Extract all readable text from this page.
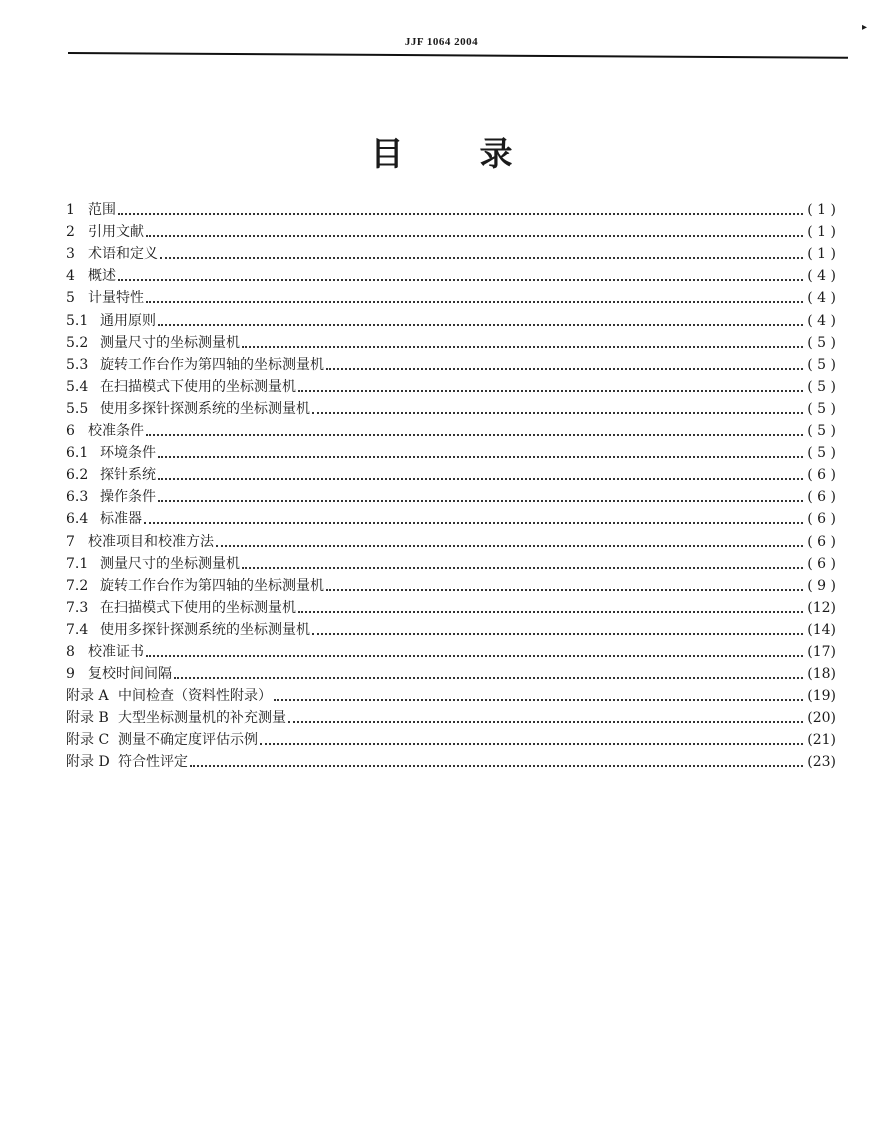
JJF 1064 2004
▸
目 录
1 范围	( 1 )
2 引用文献	( 1 )
3 术语和定义	( 1 )
4 概述	( 4 )
5 计量特性	( 4 )
5.1 通用原则	( 4 )
5.2 测量尺寸的坐标测量机	( 5 )
5.3 旋转工作台作为第四轴的坐标测量机	( 5 )
5.4 在扫描模式下使用的坐标测量机	( 5 )
5.5 使用多探针探测系统的坐标测量机	( 5 )
6 校准条件	( 5 )
6.1 环境条件	( 5 )
6.2 探针系统	( 6 )
6.3 操作条件	( 6 )
6.4 标准器	( 6 )
7 校准项目和校准方法	( 6 )
7.1 测量尺寸的坐标测量机	( 6 )
7.2 旋转工作台作为第四轴的坐标测量机	( 9 )
7.3 在扫描模式下使用的坐标测量机	(12)
7.4 使用多探针探测系统的坐标测量机	(14)
8 校准证书	(17)
9 复校时间间隔	(18)
附录 A 中间检查（资料性附录）	(19)
附录 B 大型坐标测量机的补充测量	(20)
附录 C 测量不确定度评估示例	(21)
附录 D 符合性评定	(23)
